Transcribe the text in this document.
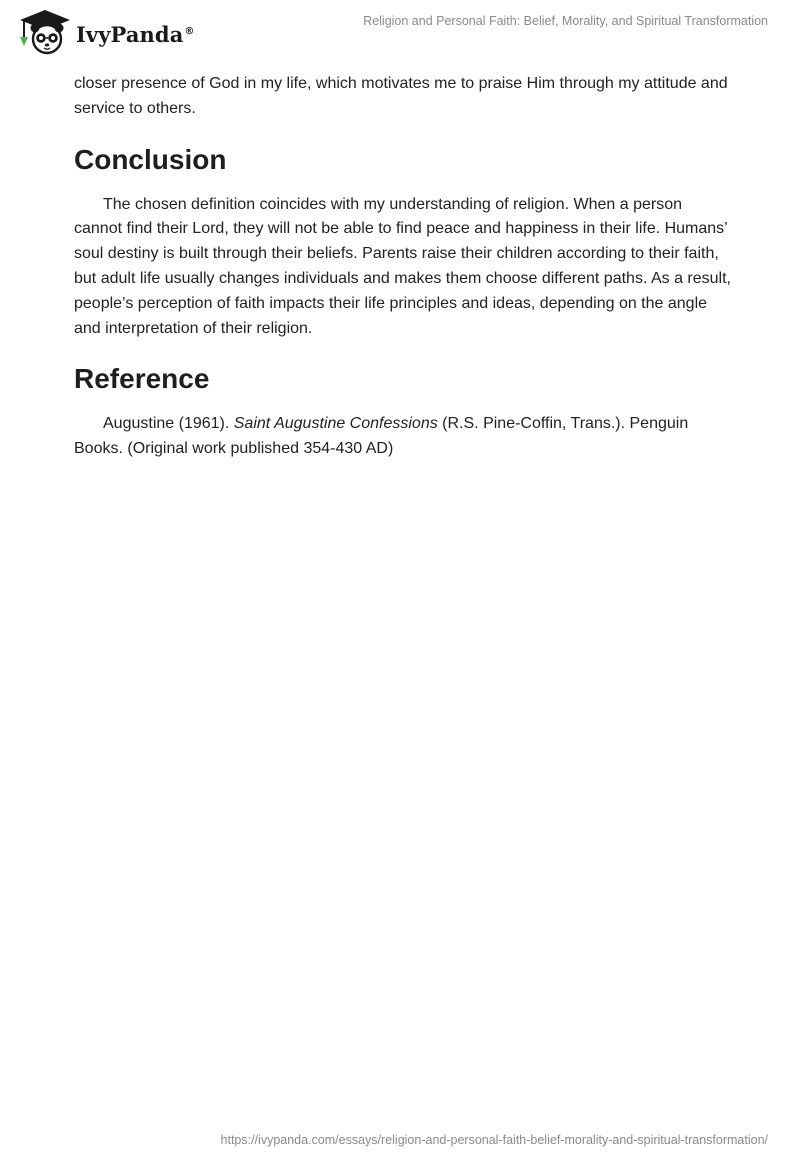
IvyPanda®
Religion and Personal Faith: Belief, Morality, and Spiritual Transformation

closer presence of God in my life, which motivates me to praise Him through my attitude and service to others.

Conclusion

The chosen definition coincides with my understanding of religion. When a person cannot find their Lord, they will not be able to find peace and happiness in their life. Humans’ soul destiny is built through their beliefs. Parents raise their children according to their faith, but adult life usually changes individuals and makes them choose different paths. As a result, people’s perception of faith impacts their life principles and ideas, depending on the angle and interpretation of their religion.

Reference

Augustine (1961). Saint Augustine Confessions (R.S. Pine-Coffin, Trans.). Penguin Books. (Original work published 354-430 AD)

https://ivypanda.com/essays/religion-and-personal-faith-belief-morality-and-spiritual-transformation/
